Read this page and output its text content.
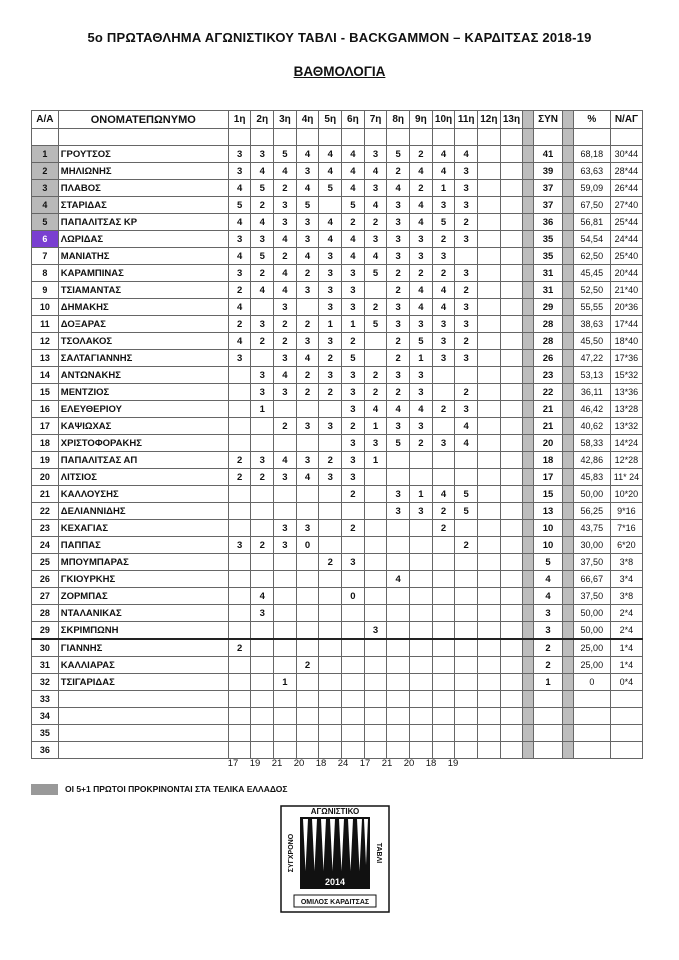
5ο ΠΡΩΤΑΘΛΗΜΑ ΑΓΩΝΙΣΤΙΚΟΥ ΤΑΒΛΙ - BACKGAMMON – ΚΑΡΔΙΤΣΑΣ 2018-19
ΒΑΘΜΟΛΟΓΙΑ
Α/Α	ΟΝΟΜΑΤΕΠΩΝΥΜΟ	1η	2η	3η	4η	5η	6η	7η	8η	9η	10η	11η	12η	13η		ΣΥΝ		%	Ν/ΑΓ

1	ΓΡΟΥΤΣΟΣ	3	3	5	4	4	4	3	5	2	4	4				41		68,18	30*44
2	ΜΗΛΙΩΝΗΣ	3	4	4	3	4	4	4	2	4	4	3				39		63,63	28*44
3	ΠΛΑΒΟΣ	4	5	2	4	5	4	3	4	2	1	3				37		59,09	26*44
4	ΣΤΑΡΙΔΑΣ	5	2	3	5		5	4	3	4	3	3				37		67,50	27*40
5	ΠΑΠΑΛΙΤΣΑΣ ΚΡ	4	4	3	3	4	2	2	3	4	5	2				36		56,81	25*44
6	ΛΩΡΙΔΑΣ	3	3	4	3	4	4	3	3	3	2	3				35		54,54	24*44
7	ΜΑΝΙΑΤΗΣ	4	5	2	4	3	4	4	3	3	3					35		62,50	25*40
8	ΚΑΡΑΜΠΙΝΑΣ	3	2	4	2	3	3	5	2	2	2	3				31		45,45	20*44
9	ΤΣΙΑΜΑΝΤΑΣ	2	4	4	3	3	3		2	4	4	2				31		52,50	21*40
10	ΔΗΜΑΚΗΣ	4		3		3	3	2	3	4	4	3				29		55,55	20*36
11	ΔΟΞΑΡΑΣ	2	3	2	2	1	1	5	3	3	3	3				28		38,63	17*44
12	ΤΣΟΛΑΚΟΣ	4	2	2	3	3	2		2	5	3	2				28		45,50	18*40
13	ΣΑΛΤΑΓΙΑΝΝΗΣ	3		3	4	2	5		2	1	3	3				26		47,22	17*36
14	ΑΝΤΩΝΑΚΗΣ		3	4	2	3	3	2	3	3						23		53,13	15*32
15	ΜΕΝΤΖΙΟΣ		3	3	2	2	3	2	2	3		2				22		36,11	13*36
16	ΕΛΕΥΘΕΡΙΟΥ		1				3	4	4	4	2	3				21		46,42	13*28
17	ΚΑΨΙΩΧΑΣ			2	3	3	2	1	3	3		4				21		40,62	13*32
18	ΧΡΙΣΤΟΦΟΡΑΚΗΣ						3	3	5	2	3	4				20		58,33	14*24
19	ΠΑΠΑΛΙΤΣΑΣ ΑΠ	2	3	4	3	2	3	1								18		42,86	12*28
20	ΛΙΤΣΙΟΣ	2	2	3	4	3	3									17		45,83	11* 24
21	ΚΑΛΛΟΥΣΗΣ						2		3	1	4	5				15		50,00	10*20
22	ΔΕΛΙΑΝΝΙΔΗΣ								3	3	2	5				13		56,25	9*16
23	ΚΕΧΑΓΙΑΣ			3	3		2				2					10		43,75	7*16
24	ΠΑΠΠΑΣ	3	2	3	0							2				10		30,00	6*20
25	ΜΠΟΥΜΠΑΡΑΣ					2	3									5		37,50	3*8
26	ΓΚΙΟΥΡΚΗΣ								4							4		66,67	3*4
27	ΖΟΡΜΠΑΣ		4				0									4		37,50	3*8
28	ΝΤΑΛΑΝΙΚΑΣ		3													3		50,00	2*4
29	ΣΚΡΙΜΠΩΝΗ							3								3		50,00	2*4
30	ΓΙΑΝΝΗΣ	2														2		25,00	1*4
31	ΚΑΛΛΙΑΡΑΣ				2											2		25,00	1*4
32	ΤΣΙΓΑΡΙΔΑΣ			1												1		0	0*4
33																			
34																			
35																			
36																			
17	19	21	20	18	24	17	21	20	18	19
ΟΙ 5+1 ΠΡΩΤΟΙ ΠΡΟΚΡΙΝΟΝΤΑΙ ΣΤΑ ΤΕΛΙΚΑ ΕΛΛΑΔΟΣ
ΑΓΩΝΙΣΤΙΚΟ
ΣΥΓΧΡΟΝΟ	ΤΑΒΛΙ
2014
ΟΜΙΛΟΣ ΚΑΡΔΙΤΣΑΣ
